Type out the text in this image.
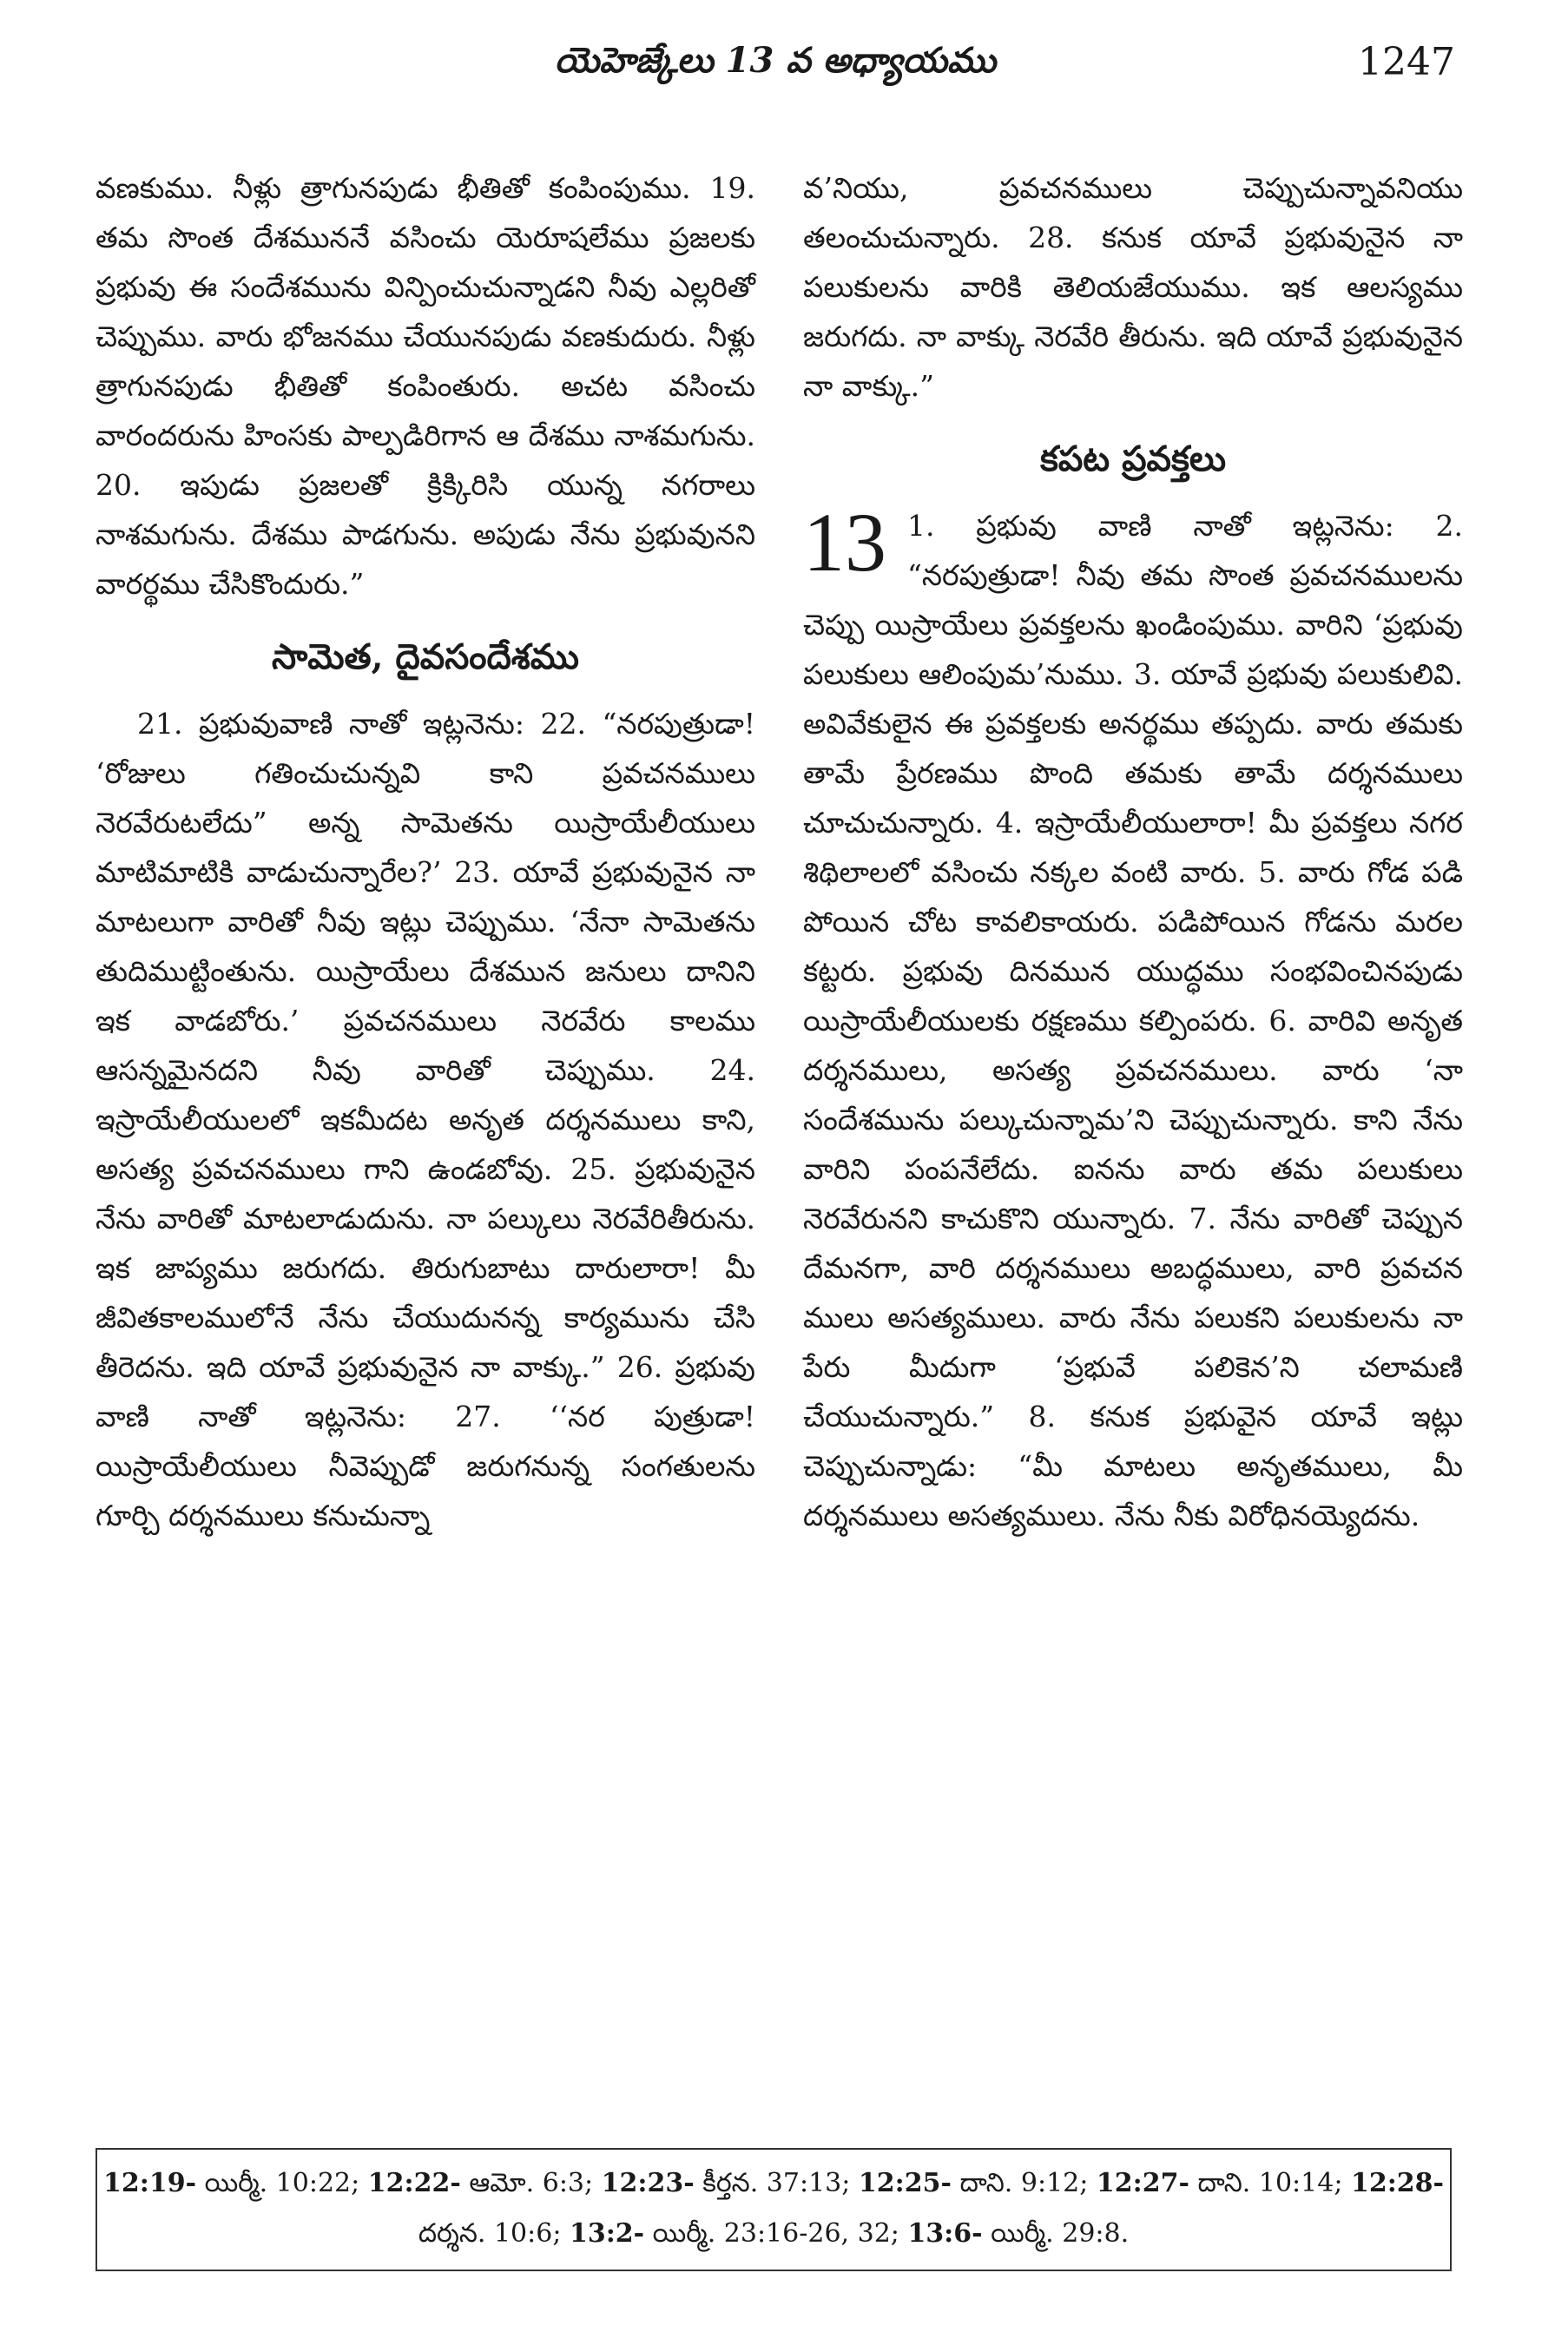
యెహెజ్కేలు 13 వ అధ్యాయము	1247

వణకుము. నీళ్లు త్రాగునపుడు భీతితో కంపింపుము. 19. తమ సొంత దేశముననే వసించు యెరూషలేము ప్రజలకు ప్రభువు ఈ సందేశమును విన్పించుచున్నాడని నీవు ఎల్లరితో చెప్పుము. వారు భోజనము చేయునపుడు వణకుదురు. నీళ్లు త్రాగునపుడు భీతితో కంపింతురు. అచట వసించు వారందరును హింసకు పాల్పడిరిగాన ఆ దేశము నాశమగును. 20. ఇపుడు ప్రజలతో క్రిక్కిరిసి యున్న నగరాలు నాశమగును. దేశము పాడగును. అపుడు నేను ప్రభువునని వారర్థము చేసికొందురు.”

సామెత, దైవసందేశము

21. ప్రభువువాణి నాతో ఇట్లనెను: 22. “నరపుత్రుడా! ‘రోజులు గతించుచున్నవి కాని ప్రవచనములు నెరవేరుటలేదు” అన్న సామెతను యిస్రాయేలీయులు మాటిమాటికి వాడుచున్నారేల?’ 23. యావే ప్రభువునైన నా మాటలుగా వారితో నీవు ఇట్లు చెప్పుము. ‘నేనా సామెతను తుదిముట్టింతును. యిస్రాయేలు దేశమున జనులు దానిని ఇక వాడబోరు.’ ప్రవచనములు నెరవేరు కాలము ఆసన్నమైనదని నీవు వారితో చెప్పుము. 24. ఇస్రాయేలీయులలో ఇకమీదట అనృత దర్శనములు కాని, అసత్య ప్రవచనములు గాని ఉండబోవు. 25. ప్రభువునైన నేను వారితో మాటలాడుదును. నా పల్కులు నెరవేరితీరును. ఇక జాప్యము జరుగదు. తిరుగుబాటు దారులారా! మీ జీవితకాలములోనే నేను చేయుదునన్న కార్యమును చేసి తీరెదను. ఇది యావే ప్రభువునైన నా వాక్కు.” 26. ప్రభువు వాణి నాతో ఇట్లనెను: 27. ‘‘నర పుత్రుడా! యిస్రాయేలీయులు నీవెప్పుడో జరుగనున్న సంగతులను గూర్చి దర్శనములు కనుచున్నా

వ’నియు, ప్రవచనములు చెప్పుచున్నావనియు తలంచుచున్నారు. 28. కనుక యావే ప్రభువునైన నా పలుకులను వారికి తెలియజేయుము. ఇక ఆలస్యము జరుగదు. నా వాక్కు నెరవేరి తీరును. ఇది యావే ప్రభువునైన నా వాక్కు.”

కపట ప్రవక్తలు
13 1. ప్రభువు వాణి నాతో ఇట్లనెను: 2. “నరపుత్రుడా! నీవు తమ సొంత ప్రవచనములను చెప్పు యిస్రాయేలు ప్రవక్తలను ఖండింపుము. వారిని ‘ప్రభువు పలుకులు ఆలింపుమ’నుము. 3. యావే ప్రభువు పలుకులివి. అవివేకులైన ఈ ప్రవక్తలకు అనర్థము తప్పదు. వారు తమకు తామే ప్రేరణము పొంది తమకు తామే దర్శనములు చూచుచున్నారు. 4. ఇస్రాయేలీయులారా! మీ ప్రవక్తలు నగర శిథిలాలలో వసించు నక్కల వంటి వారు. 5. వారు గోడ పడి పోయిన చోట కావలికాయరు. పడిపోయిన గోడను మరల కట్టరు. ప్రభువు దినమున యుద్ధము సంభవించినపుడు యిస్రాయేలీయులకు రక్షణము కల్పింపరు. 6. వారివి అనృత దర్శనములు, అసత్య ప్రవచనములు. వారు ‘నా సందేశమును పల్కుచున్నామ’ని చెప్పుచున్నారు. కాని నేను వారిని పంపనేలేదు. ఐనను వారు తమ పలుకులు నెరవేరునని కాచుకొని యున్నారు. 7. నేను వారితో చెప్పున దేమనగా, వారి దర్శనములు అబద్ధములు, వారి ప్రవచన ములు అసత్యములు. వారు నేను పలుకని పలుకులను నా పేరు మీదుగా ‘ప్రభువే పలికెన’ని చలామణి చేయుచున్నారు.” 8. కనుక ప్రభువైన యావే ఇట్లు చెప్పుచున్నాడు: “మీ మాటలు అనృతములు, మీ దర్శనములు అసత్యములు. నేను నీకు విరోధినయ్యెదను.

12:19- యిర్మీ. 10:22; 12:22- ఆమో. 6:3; 12:23- కీర్తన. 37:13; 12:25- దాని. 9:12; 12:27- దాని. 10:14; 12:28- దర్శన. 10:6; 13:2- యిర్మీ. 23:16-26, 32; 13:6- యిర్మీ. 29:8.
